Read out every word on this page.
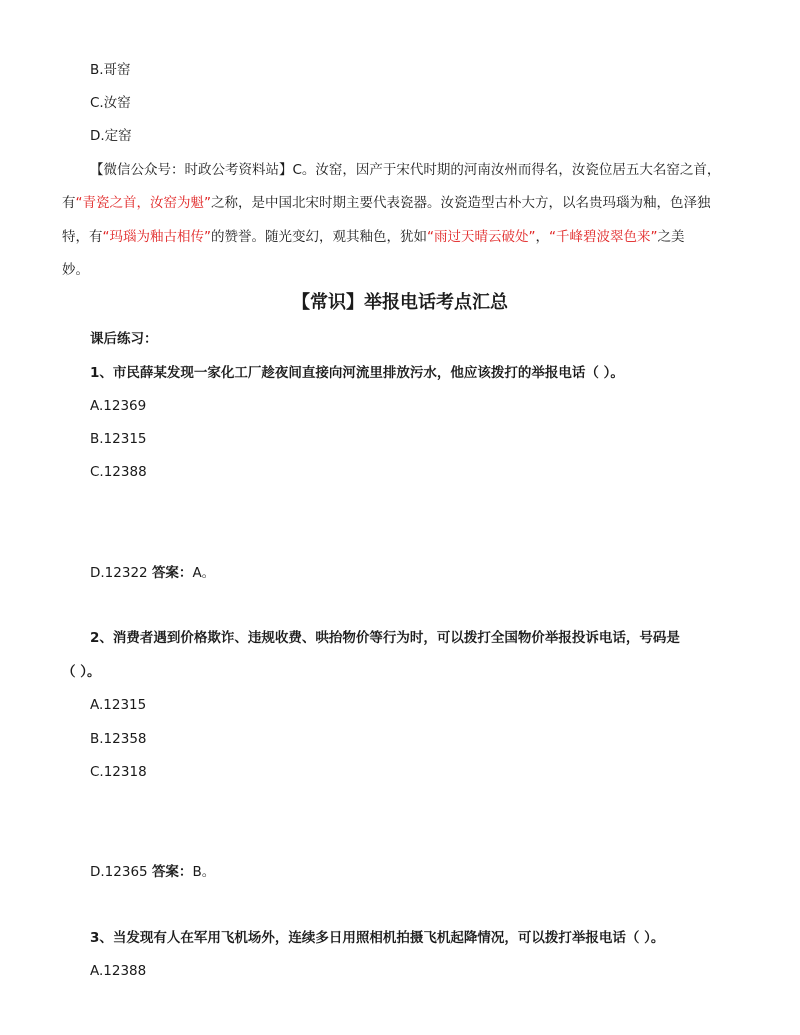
B.哥窑
C.汝窑
D.定窑
【微信公众号：时政公考资料站】C。汝窑，因产于宋代时期的河南汝州而得名，汝瓷位居五大名窑之首，
有“青瓷之首，汝窑为魁”之称，是中国北宋时期主要代表瓷器。汝瓷造型古朴大方，以名贵玛瑙为釉，色泽独
特，有“玛瑙为釉古相传”的赞誉。随光变幻，观其釉色，犹如“雨过天晴云破处”，“千峰碧波翠色来”之美
妙。
【常识】举报电话考点汇总
课后练习：
1、市民薛某发现一家化工厂趁夜间直接向河流里排放污水，他应该拨打的举报电话（ ）。
A.12369
B.12315
C.12388
D.12322 答案：A。
2、消费者遇到价格欺诈、违规收费、哄抬物价等行为时，可以拨打全国物价举报投诉电话，号码是
（ ）。
A.12315
B.12358
C.12318
D.12365 答案：B。
3、当发现有人在军用飞机场外，连续多日用照相机拍摄飞机起降情况，可以拨打举报电话（ ）。
A.12388
